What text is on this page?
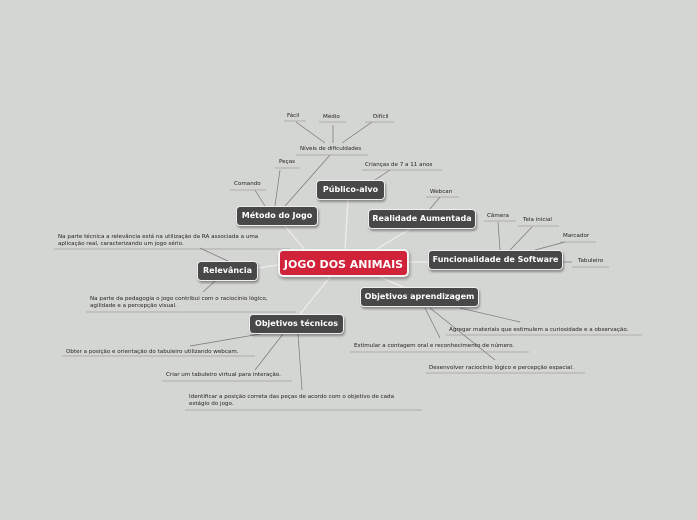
JOGO DOS ANIMAIS
Método do Jogo
Público-alvo
Realidade Aumentada
Funcionalidade de Software
Objetivos aprendizagem
Objetivos técnicos
Relevância
Fácil	Médio	Difícil
Níveis de dificuldades
Peças
Comando
Crianças de 7 a 11 anos
Webcan
Câmera
Tela inicial
Marcador
Tabuleiro
Na parte técnica a relevância está na utilização da RA associada a uma aplicação real, caracterizando um jogo sério.
Na parte da pedagogia o jogo contribui com o raciocínio lógico, agilidade e a percepção visual.
Agregar materiais que estimulem a curiosidade e a observação.
Estimular a contagem oral e reconhecimento de número.
Desenvolver raciocínio lógico e percepção espacial.
Obter a posição e orientação do tabuleiro utilizando webcam.
Criar um tabuleiro virtual para interação.
Identificar a posição correta das peças de acordo com o objetivo de cada estágio do jogo.
